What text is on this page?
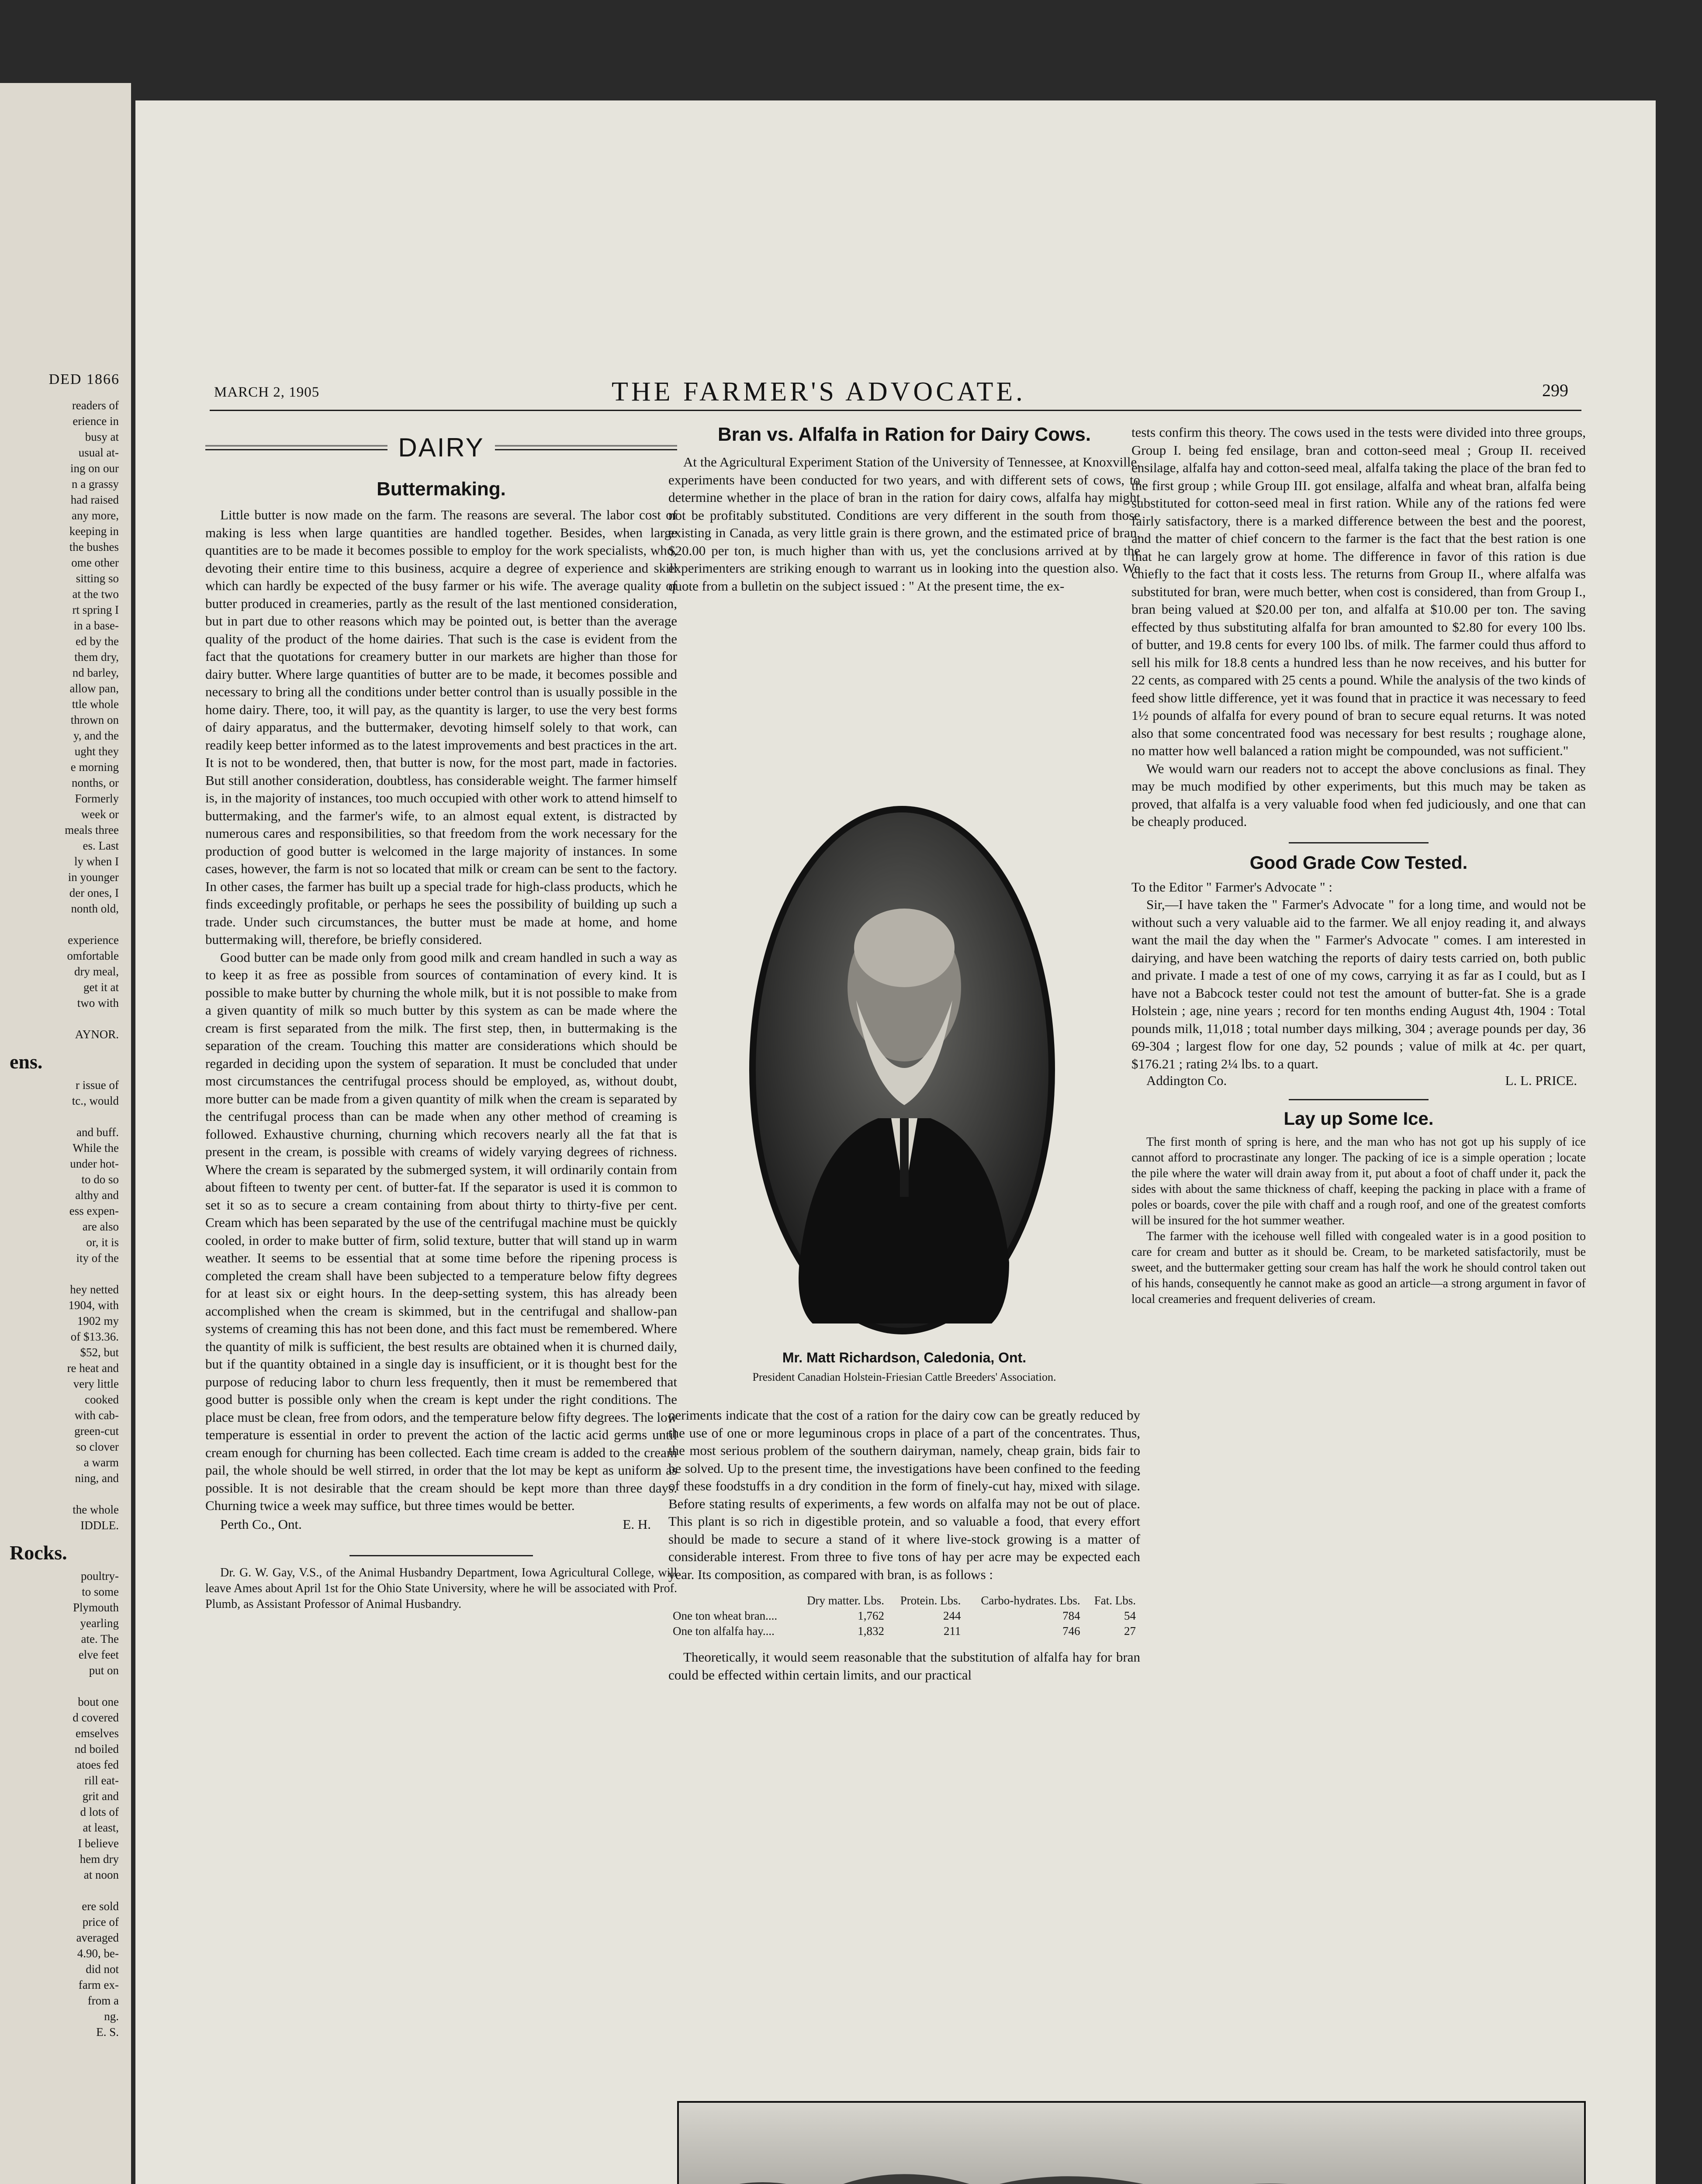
DED 1866
readers of
erience in
busy at
usual at-
ing on our
n a grassy
had raised
any more,
keeping in
the bushes
ome other
sitting so
at the two
rt spring I
in a base-
ed by the
them dry,
nd barley,
allow pan,
ttle whole
thrown on
y, and the
ught they
e morning
nonths, or
Formerly
week or
meals three
es. Last
ly when I
in younger
der ones, I
nonth old,

experience
omfortable
dry meal,
get it at
two with

AYNOR.
ens.
r issue of
tc., would

and buff.
While the
under hot-
to do so
althy and
ess expen-
are also
or, it is
ity of the

hey netted
1904, with
1902 my
of $13.36.
$52, but
re heat and
very little
cooked
with cab-
green-cut
so clover
a warm
ning, and

the whole
IDDLE.
Rocks.
poultry-
to some
Plymouth
yearling
ate. The
elve feet
put on

bout one
d covered
emselves
nd boiled
atoes fed
rill eat-
grit and
d lots of
at least,
I believe
hem dry
at noon

ere sold
price of
averaged
4.90, be-
did not
farm ex-
from a
ng.
E. S.
MARCH 2, 1905	THE FARMER'S ADVOCATE.	299
DAIRY
Buttermaking.

Little butter is now made on the farm. The reasons are several. The labor cost of making is less when large quantities are handled together. Besides, when large quantities are to be made it becomes possible to employ for the work specialists, who, devoting their entire time to this business, acquire a degree of experience and skill which can hardly be expected of the busy farmer or his wife. The average quality of butter produced in creameries, partly as the result of the last mentioned consideration, but in part due to other reasons which may be pointed out, is better than the average quality of the product of the home dairies. That such is the case is evident from the fact that the quotations for creamery butter in our markets are higher than those for dairy butter. Where large quantities of butter are to be made, it becomes possible and necessary to bring all the conditions under better control than is usually possible in the home dairy. There, too, it will pay, as the quantity is larger, to use the very best forms of dairy apparatus, and the buttermaker, devoting himself solely to that work, can readily keep better informed as to the latest improvements and best practices in the art. It is not to be wondered, then, that butter is now, for the most part, made in factories. But still another consideration, doubtless, has considerable weight. The farmer himself is, in the majority of instances, too much occupied with other work to attend himself to buttermaking, and the farmer's wife, to an almost equal extent, is distracted by numerous cares and responsibilities, so that freedom from the work necessary for the production of good butter is welcomed in the large majority of instances. In some cases, however, the farm is not so located that milk or cream can be sent to the factory. In other cases, the farmer has built up a special trade for high-class products, which he finds exceedingly profitable, or perhaps he sees the possibility of building up such a trade. Under such circumstances, the butter must be made at home, and home buttermaking will, therefore, be briefly considered.

Good butter can be made only from good milk and cream handled in such a way as to keep it as free as possible from sources of contamination of every kind. It is possible to make butter by churning the whole milk, but it is not possible to make from a given quantity of milk so much butter by this system as can be made where the cream is first separated from the milk. The first step, then, in buttermaking is the separation of the cream. Touching this matter are considerations which should be regarded in deciding upon the system of separation. It must be concluded that under most circumstances the centrifugal process should be employed, as, without doubt, more butter can be made from a given quantity of milk when the cream is separated by the centrifugal process than can be made when any other method of creaming is followed. Exhaustive churning, churning which recovers nearly all the fat that is present in the cream, is possible with creams of widely varying degrees of richness. Where the cream is separated by the submerged system, it will ordinarily contain from about fifteen to twenty per cent. of butter-fat. If the separator is used it is common to set it so as to secure a cream containing from about thirty to thirty-five per cent. Cream which has been separated by the use of the centrifugal machine must be quickly cooled, in order to make butter of firm, solid texture, butter that will stand up in warm weather. It seems to be essential that at some time before the ripening process is completed the cream shall have been subjected to a temperature below fifty degrees for at least six or eight hours. In the deep-setting system, this has already been accomplished when the cream is skimmed, but in the centrifugal and shallow-pan systems of creaming this has not been done, and this fact must be remembered. Where the quantity of milk is sufficient, the best results are obtained when it is churned daily, but if the quantity obtained in a single day is insufficient, or it is thought best for the purpose of reducing labor to churn less frequently, then it must be remembered that good butter is possible only when the cream is kept under the right conditions. The place must be clean, free from odors, and the temperature below fifty degrees. The low temperature is essential in order to prevent the action of the lactic acid germs until cream enough for churning has been collected. Each time cream is added to the cream pail, the whole should be well stirred, in order that the lot may be kept as uniform as possible. It is not desirable that the cream should be kept more than three days. Churning twice a week may suffice, but three times would be better.

Perth Co., Ont.	E. H.
Dr. G. W. Gay, V.S., of the Animal Husbandry Department, Iowa Agricultural College, will leave Ames about April 1st for the Ohio State University, where he will be associated with Prof. Plumb, as Assistant Professor of Animal Husbandry.
Bran vs. Alfalfa in Ration for Dairy Cows.

At the Agricultural Experiment Station of the University of Tennessee, at Knoxville, experiments have been conducted for two years, and with different sets of cows, to determine whether in the place of bran in the ration for dairy cows, alfalfa hay might not be profitably substituted. Conditions are very different in the south from those existing in Canada, as very little grain is there grown, and the estimated price of bran, $20.00 per ton, is much higher than with us, yet the conclusions arrived at by the experimenters are striking enough to warrant us in looking into the question also. We quote from a bulletin on the subject issued : " At the present time, the ex-

Mr. Matt Richardson, Caledonia, Ont.
President Canadian Holstein-Friesian Cattle Breeders' Association.

periments indicate that the cost of a ration for the dairy cow can be greatly reduced by the use of one or more leguminous crops in place of a part of the concentrates. Thus, the most serious problem of the southern dairyman, namely, cheap grain, bids fair to be solved. Up to the present time, the investigations have been confined to the feeding of these foodstuffs in a dry condition in the form of finely-cut hay, mixed with silage. Before stating results of experiments, a few words on alfalfa may not be out of place. This plant is so rich in digestible protein, and so valuable a food, that every effort should be made to secure a stand of it where live-stock growing is a matter of considerable interest. From three to five tons of hay per acre may be expected each year. Its composition, as compared with bran, is as follows :

	Dry matter. Lbs.	Protein. Lbs.	Carbo-hydrates. Lbs.	Fat. Lbs.
One ton wheat bran....	1,762	244	784	54
One ton alfalfa hay....	1,832	211	746	27

Theoretically, it would seem reasonable that the substitution of alfalfa hay for bran could be effected within certain limits, and our practical

tests confirm this theory. The cows used in the tests were divided into three groups, Group I. being fed ensilage, bran and cotton-seed meal ; Group II. received ensilage, alfalfa hay and cotton-seed meal, alfalfa taking the place of the bran fed to the first group ; while Group III. got ensilage, alfalfa and wheat bran, alfalfa being substituted for cotton-seed meal in first ration. While any of the rations fed were fairly satisfactory, there is a marked difference between the best and the poorest, and the matter of chief concern to the farmer is the fact that the best ration is one that he can largely grow at home. The difference in favor of this ration is due chiefly to the fact that it costs less. The returns from Group II., where alfalfa was substituted for bran, were much better, when cost is considered, than from Group I., bran being valued at $20.00 per ton, and alfalfa at $10.00 per ton. The saving effected by thus substituting alfalfa for bran amounted to $2.80 for every 100 lbs. of butter, and 19.8 cents for every 100 lbs. of milk. The farmer could thus afford to sell his milk for 18.8 cents a hundred less than he now receives, and his butter for 22 cents, as compared with 25 cents a pound. While the analysis of the two kinds of feed show little difference, yet it was found that in practice it was necessary to feed 1½ pounds of alfalfa for every pound of bran to secure equal returns. It was noted also that some concentrated food was necessary for best results ; roughage alone, no matter how well balanced a ration might be compounded, was not sufficient."

We would warn our readers not to accept the above conclusions as final. They may be much modified by other experiments, but this much may be taken as proved, that alfalfa is a very valuable food when fed judiciously, and one that can be cheaply produced.

Good Grade Cow Tested.
To the Editor " Farmer's Advocate " :

Sir,—I have taken the " Farmer's Advocate " for a long time, and would not be without such a very valuable aid to the farmer. We all enjoy reading it, and always want the mail the day when the " Farmer's Advocate " comes. I am interested in dairying, and have been watching the reports of dairy tests carried on, both public and private. I made a test of one of my cows, carrying it as far as I could, but as I have not a Babcock tester could not test the amount of butter-fat. She is a grade Holstein ; age, nine years ; record for ten months ending August 4th, 1904 : Total pounds milk, 11,018 ; total number days milking, 304 ; average pounds per day, 36 69-304 ; largest flow for one day, 52 pounds ; value of milk at 4c. per quart, $176.21 ; rating 2¼ lbs. to a quart.

Addington Co.	L. L. PRICE.
Lay up Some Ice.

The first month of spring is here, and the man who has not got up his supply of ice cannot afford to procrastinate any longer. The packing of ice is a simple operation ; locate the pile where the water will drain away from it, put about a foot of chaff under it, pack the sides with about the same thickness of chaff, keeping the packing in place with a frame of poles or boards, cover the pile with chaff and a rough roof, and one of the greatest comforts will be insured for the hot summer weather.

The farmer with the icehouse well filled with congealed water is in a good position to care for cream and butter as it should be. Cream, to be marketed satisfactorily, must be sweet, and the buttermaker getting sour cream has half the work he should control taken out of his hands, consequently he cannot make as good an article—a strong argument in favor of local creameries and frequent deliveries of cream.
